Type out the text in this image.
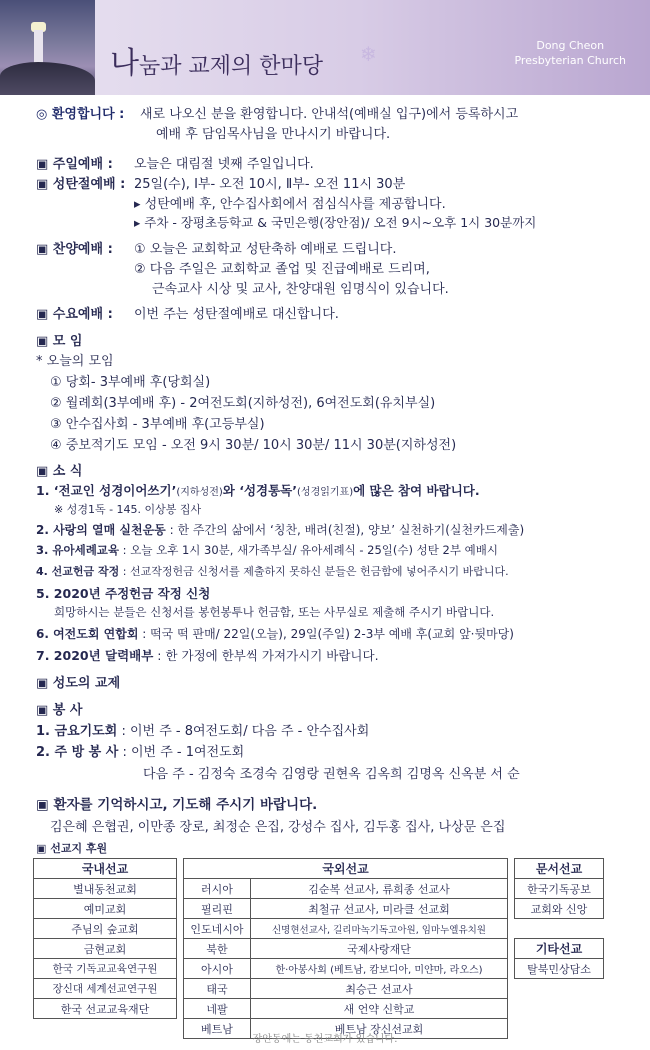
나눔과 교제의 한마당 ❄	Dong Cheon
Presbyterian Church
◎ 환영합니다 : 새로 나오신 분을 환영합니다. 안내석(예배실 입구)에서 등록하시고
예배 후 담임목사님을 만나시기 바랍니다.
▣ 주일예배 : 오늘은 대림절 넷째 주일입니다.
▣ 성탄절예배 : 25일(수), Ⅰ부- 오전 10시, Ⅱ부- 오전 11시 30분
▸ 성탄예배 후, 안수집사회에서 점심식사를 제공합니다.
▸ 주차 - 장평초등학교 & 국민은행(장안점)/ 오전 9시~오후 1시 30분까지
▣ 찬양예배 : ① 오늘은 교회학교 성탄축하 예배로 드립니다.
② 다음 주일은 교회학교 졸업 및 진급예배로 드리며,
근속교사 시상 및 교사, 찬양대원 임명식이 있습니다.
▣ 수요예배 : 이번 주는 성탄절예배로 대신합니다.
▣ 모 임
* 오늘의 모임
① 당회- 3부예배 후(당회실)
② 월례회(3부예배 후) - 2여전도회(지하성전), 6여전도회(유치부실)
③ 안수집사회 - 3부예배 후(고등부실)
④ 중보적기도 모임 - 오전 9시 30분/ 10시 30분/ 11시 30분(지하성전)
▣ 소 식
1. ‘전교인 성경이어쓰기’(지하성전)와 ‘성경통독’(성경읽기표)에 많은 참여 바랍니다.
※ 성경1독 - 145. 이상봉 집사
2. 사랑의 열매 실천운동 : 한 주간의 삶에서 ‘칭찬, 배려(친절), 양보’ 실천하기(실천카드제출)
3. 유아세례교육 : 오늘 오후 1시 30분, 새가족부실/ 유아세례식 - 25일(수) 성탄 2부 예배시
4. 선교헌금 작정 : 선교작정헌금 신청서를 제출하지 못하신 분들은 헌금함에 넣어주시기 바랍니다.
5. 2020년 주정헌금 작정 신청
희망하시는 분들은 신청서를 봉헌봉투나 헌금함, 또는 사무실로 제출해 주시기 바랍니다.
6. 여전도회 연합회 : 떡국 떡 판매/ 22일(오늘), 29일(주일) 2-3부 예배 후(교회 앞·뒷마당)
7. 2020년 달력배부 : 한 가정에 한부씩 가져가시기 바랍니다.
▣ 성도의 교제
▣ 봉 사
1. 금요기도회 : 이번 주 - 8여전도회/ 다음 주 - 안수집사회
2. 주 방 봉 사 : 이번 주 - 1여전도회
다음 주 - 김정숙 조경숙 김영랑 권현옥 김옥희 김명옥 신옥분 서 순
▣ 환자를 기억하시고, 기도해 주시기 바랍니다.
김은혜 은협권, 이만종 장로, 최정순 은집, 강성수 집사, 김두홍 집사, 나상문 은집
▣ 선교지 후원
국내선교		국외선교			문서선교
별내동천교회		러시아	김순복 선교사, 류희종 선교사		한국기독공보
예미교회		필리핀	최철규 선교사, 미라클 선교회		교회와 신앙
주님의 숲교회		인도네시아	신명현선교사, 길리마녹기독고아원, 임마누엘유치원		
금현교회		북한	국제사랑재단		기타선교
한국 기독교교육연구원		아시아	한·아봉사회 (베트남, 캄보디아, 미얀마, 라오스)		탈북민상담소
장신대 세계선교연구원		태국	최승근 선교사		
한국 선교교육재단		네팔	새 언약 신학교		
		베트남	베트남 장신선교회		
장안동에는 동천교회가 있습니다.
